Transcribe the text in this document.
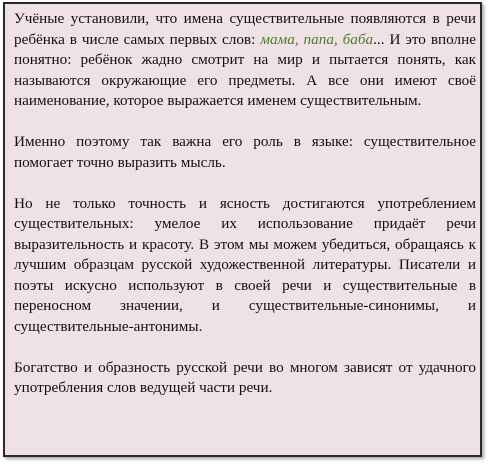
Учёные установили, что имена существительные появляются в речи ребёнка в числе самых первых слов: мама, папа, баба... И это вполне понятно: ребёнок жадно смотрит на мир и пытается понять, как называются окружающие его предметы. А все они имеют своё наименование, которое выражается именем существительным.

Именно поэтому так важна его роль в языке: существительное помогает точно выразить мысль.

Но не только точность и ясность достигаются употреблением существительных: умелое их использование придаёт речи выразительность и красоту. В этом мы можем убедиться, обращаясь к лучшим образцам русской художественной литературы. Писатели и поэты искусно используют в своей речи и существительные в переносном значении, и существительные-синонимы, и существительные-антонимы.

Богатство и образность русской речи во многом зависят от удачного употребления слов ведущей части речи.
